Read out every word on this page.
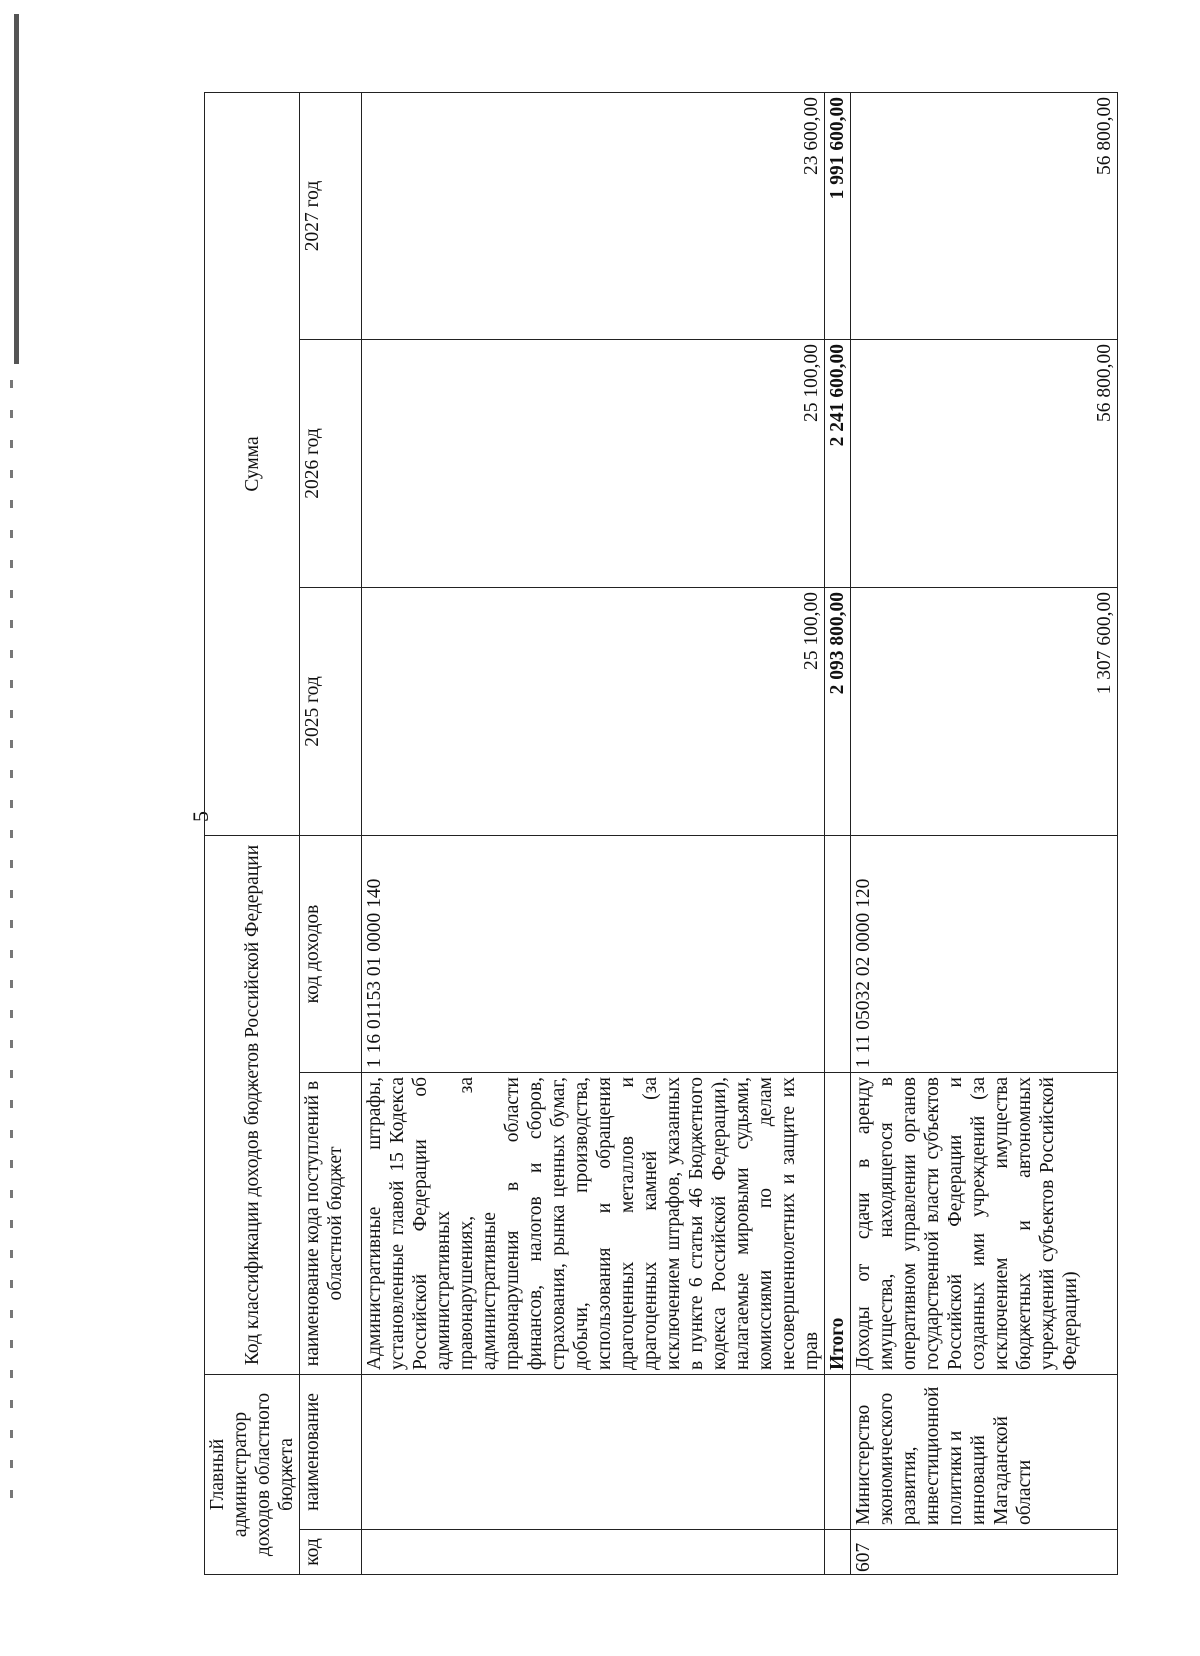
5
Главный администратор доходов областного бюджета		Код классификации доходов бюджетов Российской Федерации		Сумма		
код	наименование	наименование кода поступлений в областной бюджет	код доходов	2025 год	2026 год	2027 год
		Административные штрафы, установленные главой 15 Кодекса Российской Федерации об административных правонарушениях, за административные правонарушения в области финансов, налогов и сборов, страхования, рынка ценных бумаг, добычи, производства, использования и обращения драгоценных металлов и драгоценных камней (за исключением штрафов, указанных в пункте 6 статьи 46 Бюджетного кодекса Российской Федерации), налагаемые мировыми судьями, комиссиями по делам несовершеннолетних и защите их прав	1 16 01153 01 0000 140	25 100,00	25 100,00	23 600,00
		Итого		2 093 800,00	2 241 600,00	1 991 600,00
607	Министерство экономического развития, инвестиционной политики и инноваций Магаданской области	Доходы от сдачи в аренду имущества, находящегося в оперативном управлении органов государственной власти субъектов Российской Федерации и созданных ими учреждений (за исключением имущества бюджетных и автономных учреждений субъектов Российской Федерации)	1 11 05032 02 0000 120	1 307 600,00	56 800,00	56 800,00
